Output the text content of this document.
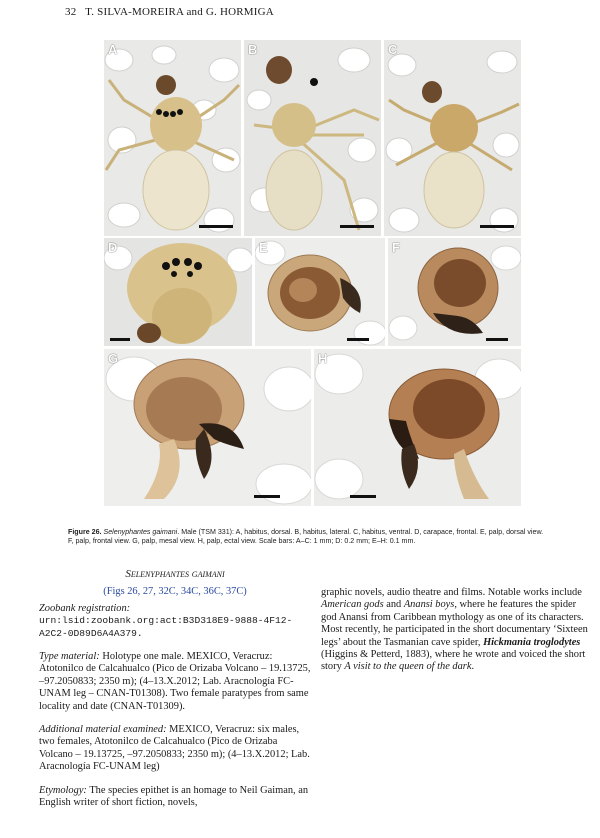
32 T. SILVA-MOREIRA and G. HORMIGA
A	B	C
D	E	F
G	H
Figure 26. Selenyphantes gaimani. Male (TSM 331): A, habitus, dorsal. B, habitus, lateral. C, habitus, ventral. D, carapace, frontal. E, palp, dorsal view. F, palp, frontal view. G, palp, mesal view. H, palp, ectal view. Scale bars: A–C: 1 mm; D: 0.2 mm; E–H: 0.1 mm.
Selenyphantes gaimani
(Figs 26, 27, 32C, 34C, 36C, 37C)
Zoobank registration: urn:lsid:zoobank.org:act:B3D318E9-9888-4F12-A2C2-0D89D6A4A379.
Type material: Holotype one male. MEXICO, Veracruz: Atotonilco de Calcahualco (Pico de Orizaba Volcano – 19.13725, –97.2050833; 2350 m); (4–13.X.2012; Lab. Aracnología FC-UNAM leg – CNAN-T01308). Two female paratypes from same locality and date (CNAN-T01309).
Additional material examined: MEXICO, Veracruz: six males, two females, Atotonilco de Calcahualco (Pico de Orizaba Volcano – 19.13725, –97.2050833; 2350 m); (4–13.X.2012; Lab. Aracnología FC-UNAM leg)
Etymology: The species epithet is an homage to Neil Gaiman, an English writer of short fiction, novels,
graphic novels, audio theatre and films. Notable works include American gods and Anansi boys, where he features the spider god Anansi from Caribbean mythology as one of its characters. Most recently, he participated in the short documentary ‘Sixteen legs’ about the Tasmanian cave spider, Hickmania troglodytes (Higgins & Petterd, 1883), where he wrote and voiced the short story A visit to the queen of the dark.
